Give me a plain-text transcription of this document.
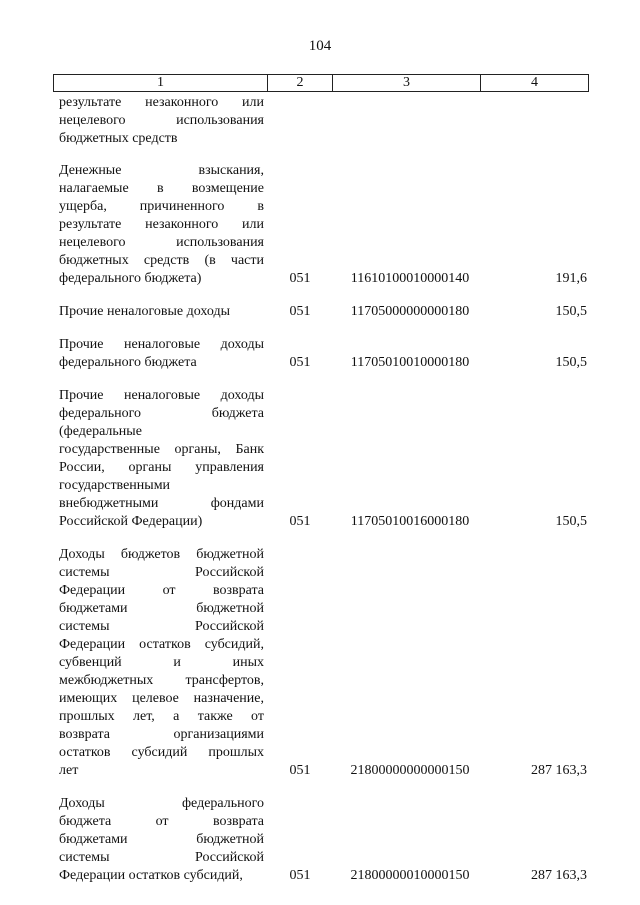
104
1	2	3	4
результате незаконного или
нецелевого использования
бюджетных средств
Денежные взыскания,
налагаемые в возмещение
ущерба, причиненного в
результате незаконного или
нецелевого использования
бюджетных средств (в части
федерального бюджета)	051	11610100010000140	191,6
Прочие неналоговые доходы	051	11705000000000180	150,5
Прочие неналоговые доходы
федерального бюджета	051	11705010010000180	150,5
Прочие неналоговые доходы
федерального бюджета
(федеральные
государственные органы, Банк
России, органы управления
государственными
внебюджетными фондами
Российской Федерации)	051	11705010016000180	150,5
Доходы бюджетов бюджетной
системы Российской
Федерации от возврата
бюджетами бюджетной
системы Российской
Федерации остатков субсидий,
субвенций и иных
межбюджетных трансфертов,
имеющих целевое назначение,
прошлых лет, а также от
возврата организациями
остатков субсидий прошлых
лет	051	21800000000000150	287 163,3
Доходы федерального
бюджета от возврата
бюджетами бюджетной
системы Российской
Федерации остатков субсидий,	051	21800000010000150	287 163,3
